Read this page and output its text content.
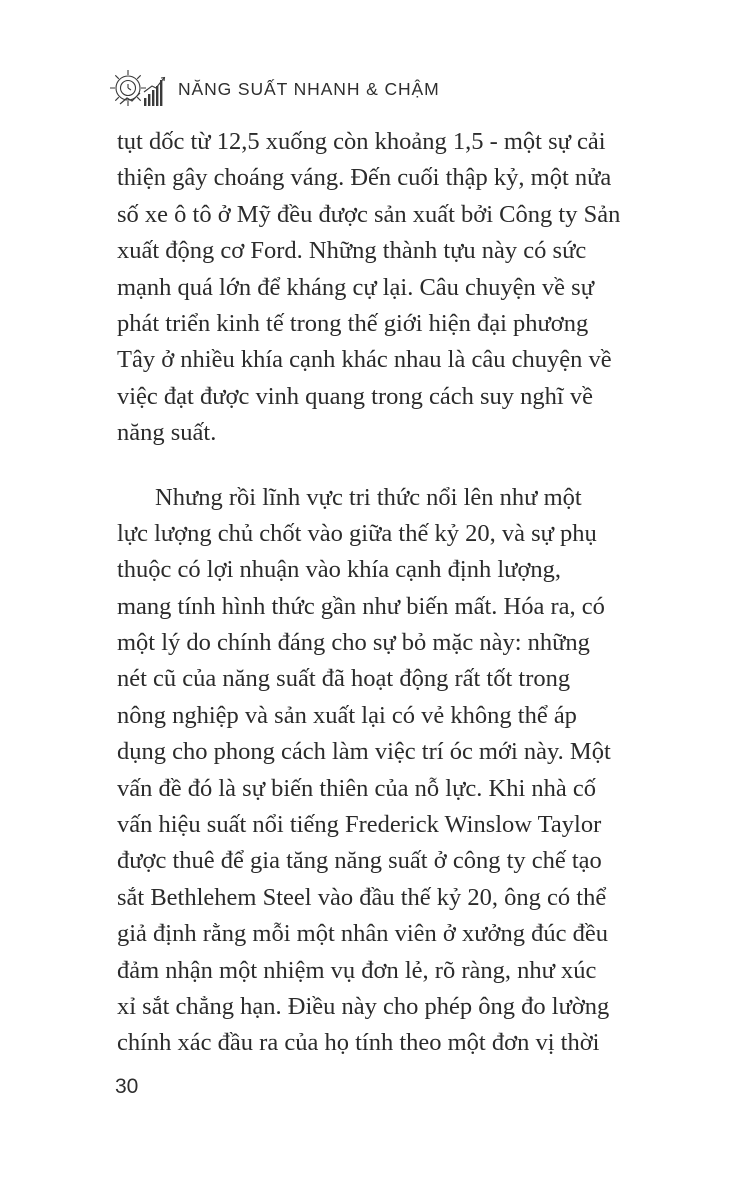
NĂNG SUẤT NHANH & CHẬM
tụt dốc từ 12,5 xuống còn khoảng 1,5 - một sự cải
thiện gây choáng váng. Đến cuối thập kỷ, một nửa
số xe ô tô ở Mỹ đều được sản xuất bởi Công ty Sản
xuất động cơ Ford. Những thành tựu này có sức
mạnh quá lớn để kháng cự lại. Câu chuyện về sự
phát triển kinh tế trong thế giới hiện đại phương
Tây ở nhiều khía cạnh khác nhau là câu chuyện về
việc đạt được vinh quang trong cách suy nghĩ về
năng suất.
Nhưng rồi lĩnh vực tri thức nổi lên như một
lực lượng chủ chốt vào giữa thế kỷ 20, và sự phụ
thuộc có lợi nhuận vào khía cạnh định lượng,
mang tính hình thức gần như biến mất. Hóa ra, có
một lý do chính đáng cho sự bỏ mặc này: những
nét cũ của năng suất đã hoạt động rất tốt trong
nông nghiệp và sản xuất lại có vẻ không thể áp
dụng cho phong cách làm việc trí óc mới này. Một
vấn đề đó là sự biến thiên của nỗ lực. Khi nhà cố
vấn hiệu suất nổi tiếng Frederick Winslow Taylor
được thuê để gia tăng năng suất ở công ty chế tạo
sắt Bethlehem Steel vào đầu thế kỷ 20, ông có thể
giả định rằng mỗi một nhân viên ở xưởng đúc đều
đảm nhận một nhiệm vụ đơn lẻ, rõ ràng, như xúc
xỉ sắt chẳng hạn. Điều này cho phép ông đo lường
chính xác đầu ra của họ tính theo một đơn vị thời
30
